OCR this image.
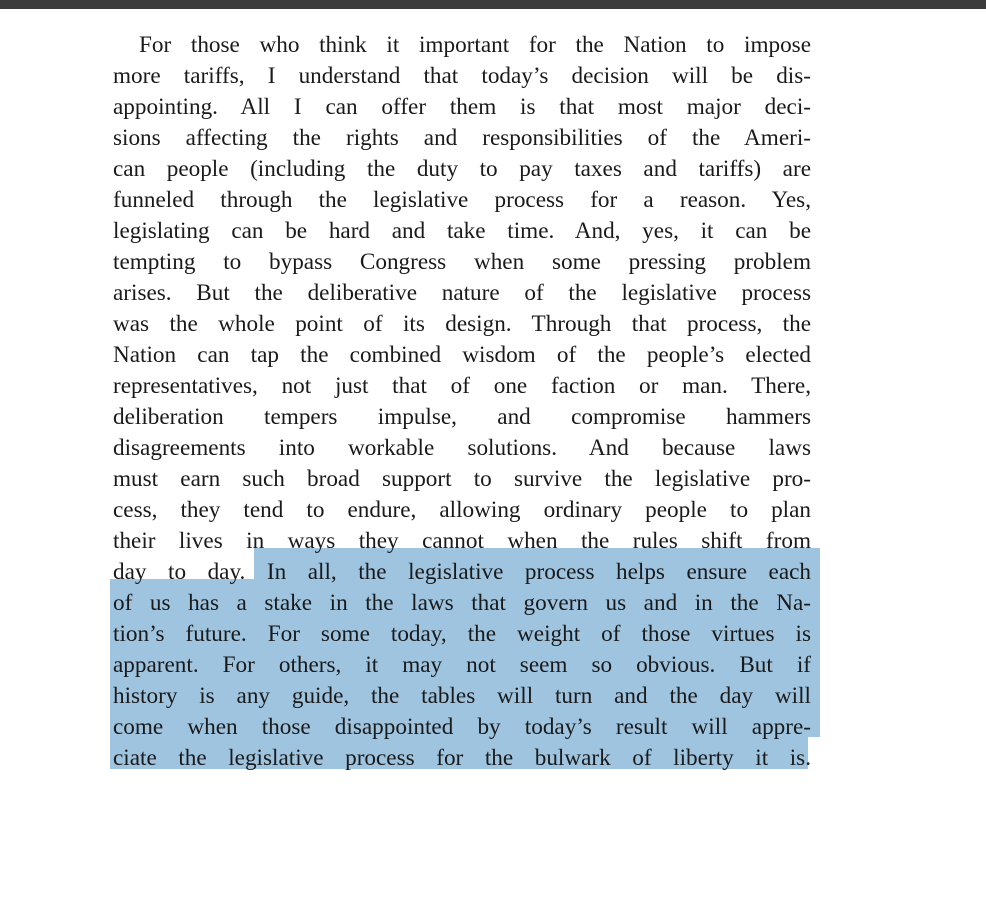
For those who think it important for the Nation to impose
more tariffs, I understand that today’s decision will be dis-
appointing. All I can offer them is that most major deci-
sions affecting the rights and responsibilities of the Ameri-
can people (including the duty to pay taxes and tariffs) are
funneled through the legislative process for a reason. Yes,
legislating can be hard and take time. And, yes, it can be
tempting to bypass Congress when some pressing problem
arises. But the deliberative nature of the legislative process
was the whole point of its design. Through that process, the
Nation can tap the combined wisdom of the people’s elected
representatives, not just that of one faction or man. There,
deliberation tempers impulse, and compromise hammers
disagreements into workable solutions. And because laws
must earn such broad support to survive the legislative pro-
cess, they tend to endure, allowing ordinary people to plan
their lives in ways they cannot when the rules shift from
day to day. In all, the legislative process helps ensure each
of us has a stake in the laws that govern us and in the Na-
tion’s future. For some today, the weight of those virtues is
apparent. For others, it may not seem so obvious. But if
history is any guide, the tables will turn and the day will
come when those disappointed by today’s result will appre-
ciate the legislative process for the bulwark of liberty it is.
